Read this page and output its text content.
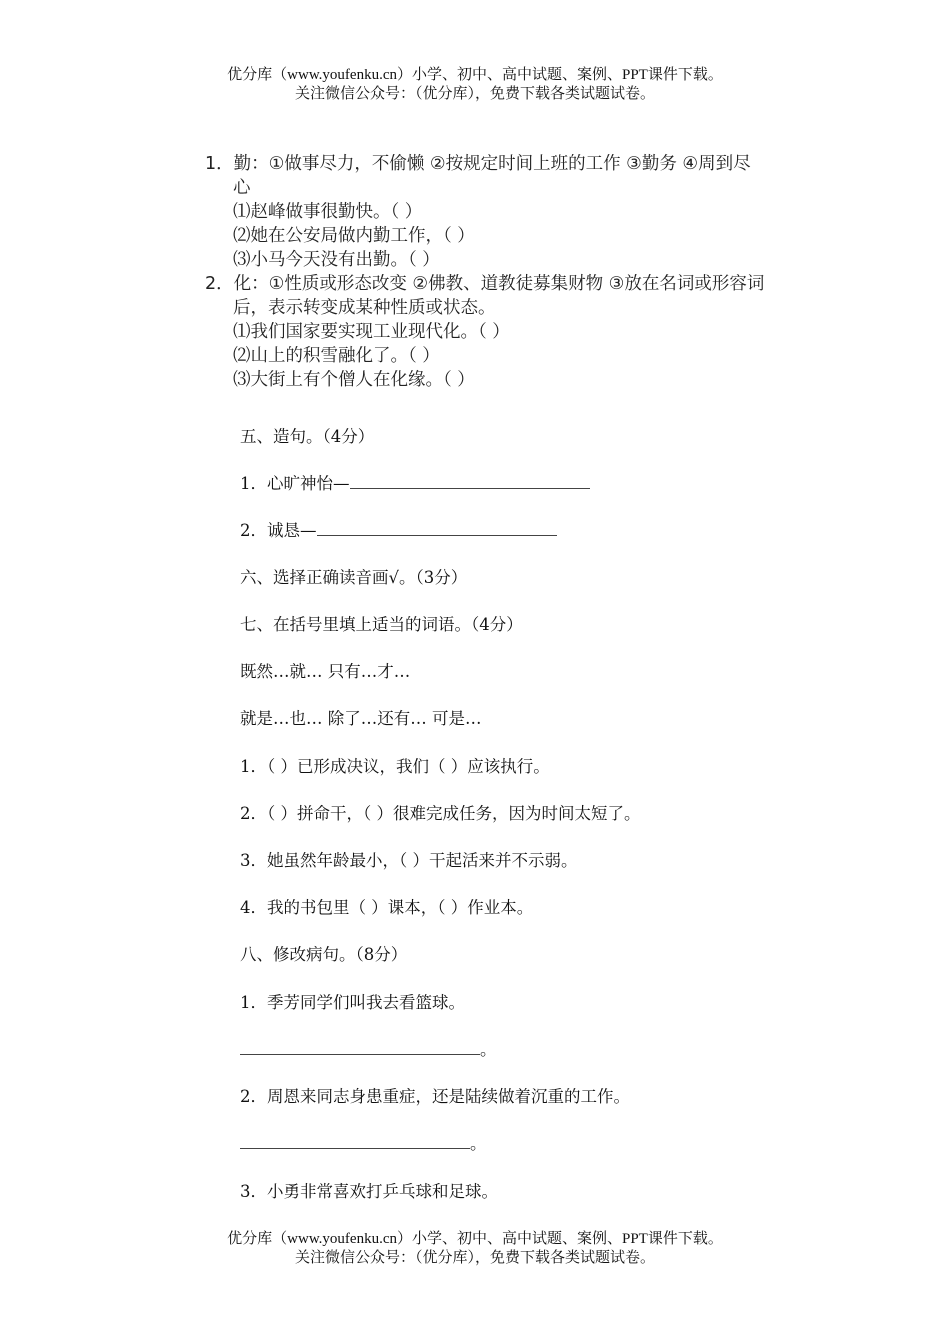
优分库（www.youfenku.cn）小学、初中、高中试题、案例、PPT课件下载。
关注微信公众号：（优分库），免费下载各类试题试卷。
1．勤：①做事尽力，不偷懒 ②按规定时间上班的工作 ③勤务 ④周到尽
心
⑴赵峰做事很勤快。（ ）
⑵她在公安局做内勤工作，（ ）
⑶小马今天没有出勤。（ ）
2．化：①性质或形态改变 ②佛教、道教徒募集财物 ③放在名词或形容词
后，表示转变成某种性质或状态。
⑴我们国家要实现工业现代化。（ ）
⑵山上的积雪融化了。（ ）
⑶大街上有个僧人在化缘。（ ）
五、造句。（4分）
1．心旷神怡—
2．诚恳—
六、选择正确读音画√。（3分）
七、在括号里填上适当的词语。（4分）
既然…就… 只有…才…
就是…也… 除了…还有… 可是…
1．（ ）已形成决议，我们（ ）应该执行。
2．（ ）拼命干，（ ）很难完成任务，因为时间太短了。
3．她虽然年龄最小，（ ）干起活来并不示弱。
4．我的书包里（ ）课本，（ ）作业本。
八、修改病句。（8分）
1．季芳同学们叫我去看篮球。
。
2．周恩来同志身患重症，还是陆续做着沉重的工作。
。
3．小勇非常喜欢打乒乓球和足球。
优分库（www.youfenku.cn）小学、初中、高中试题、案例、PPT课件下载。
关注微信公众号：（优分库），免费下载各类试题试卷。
